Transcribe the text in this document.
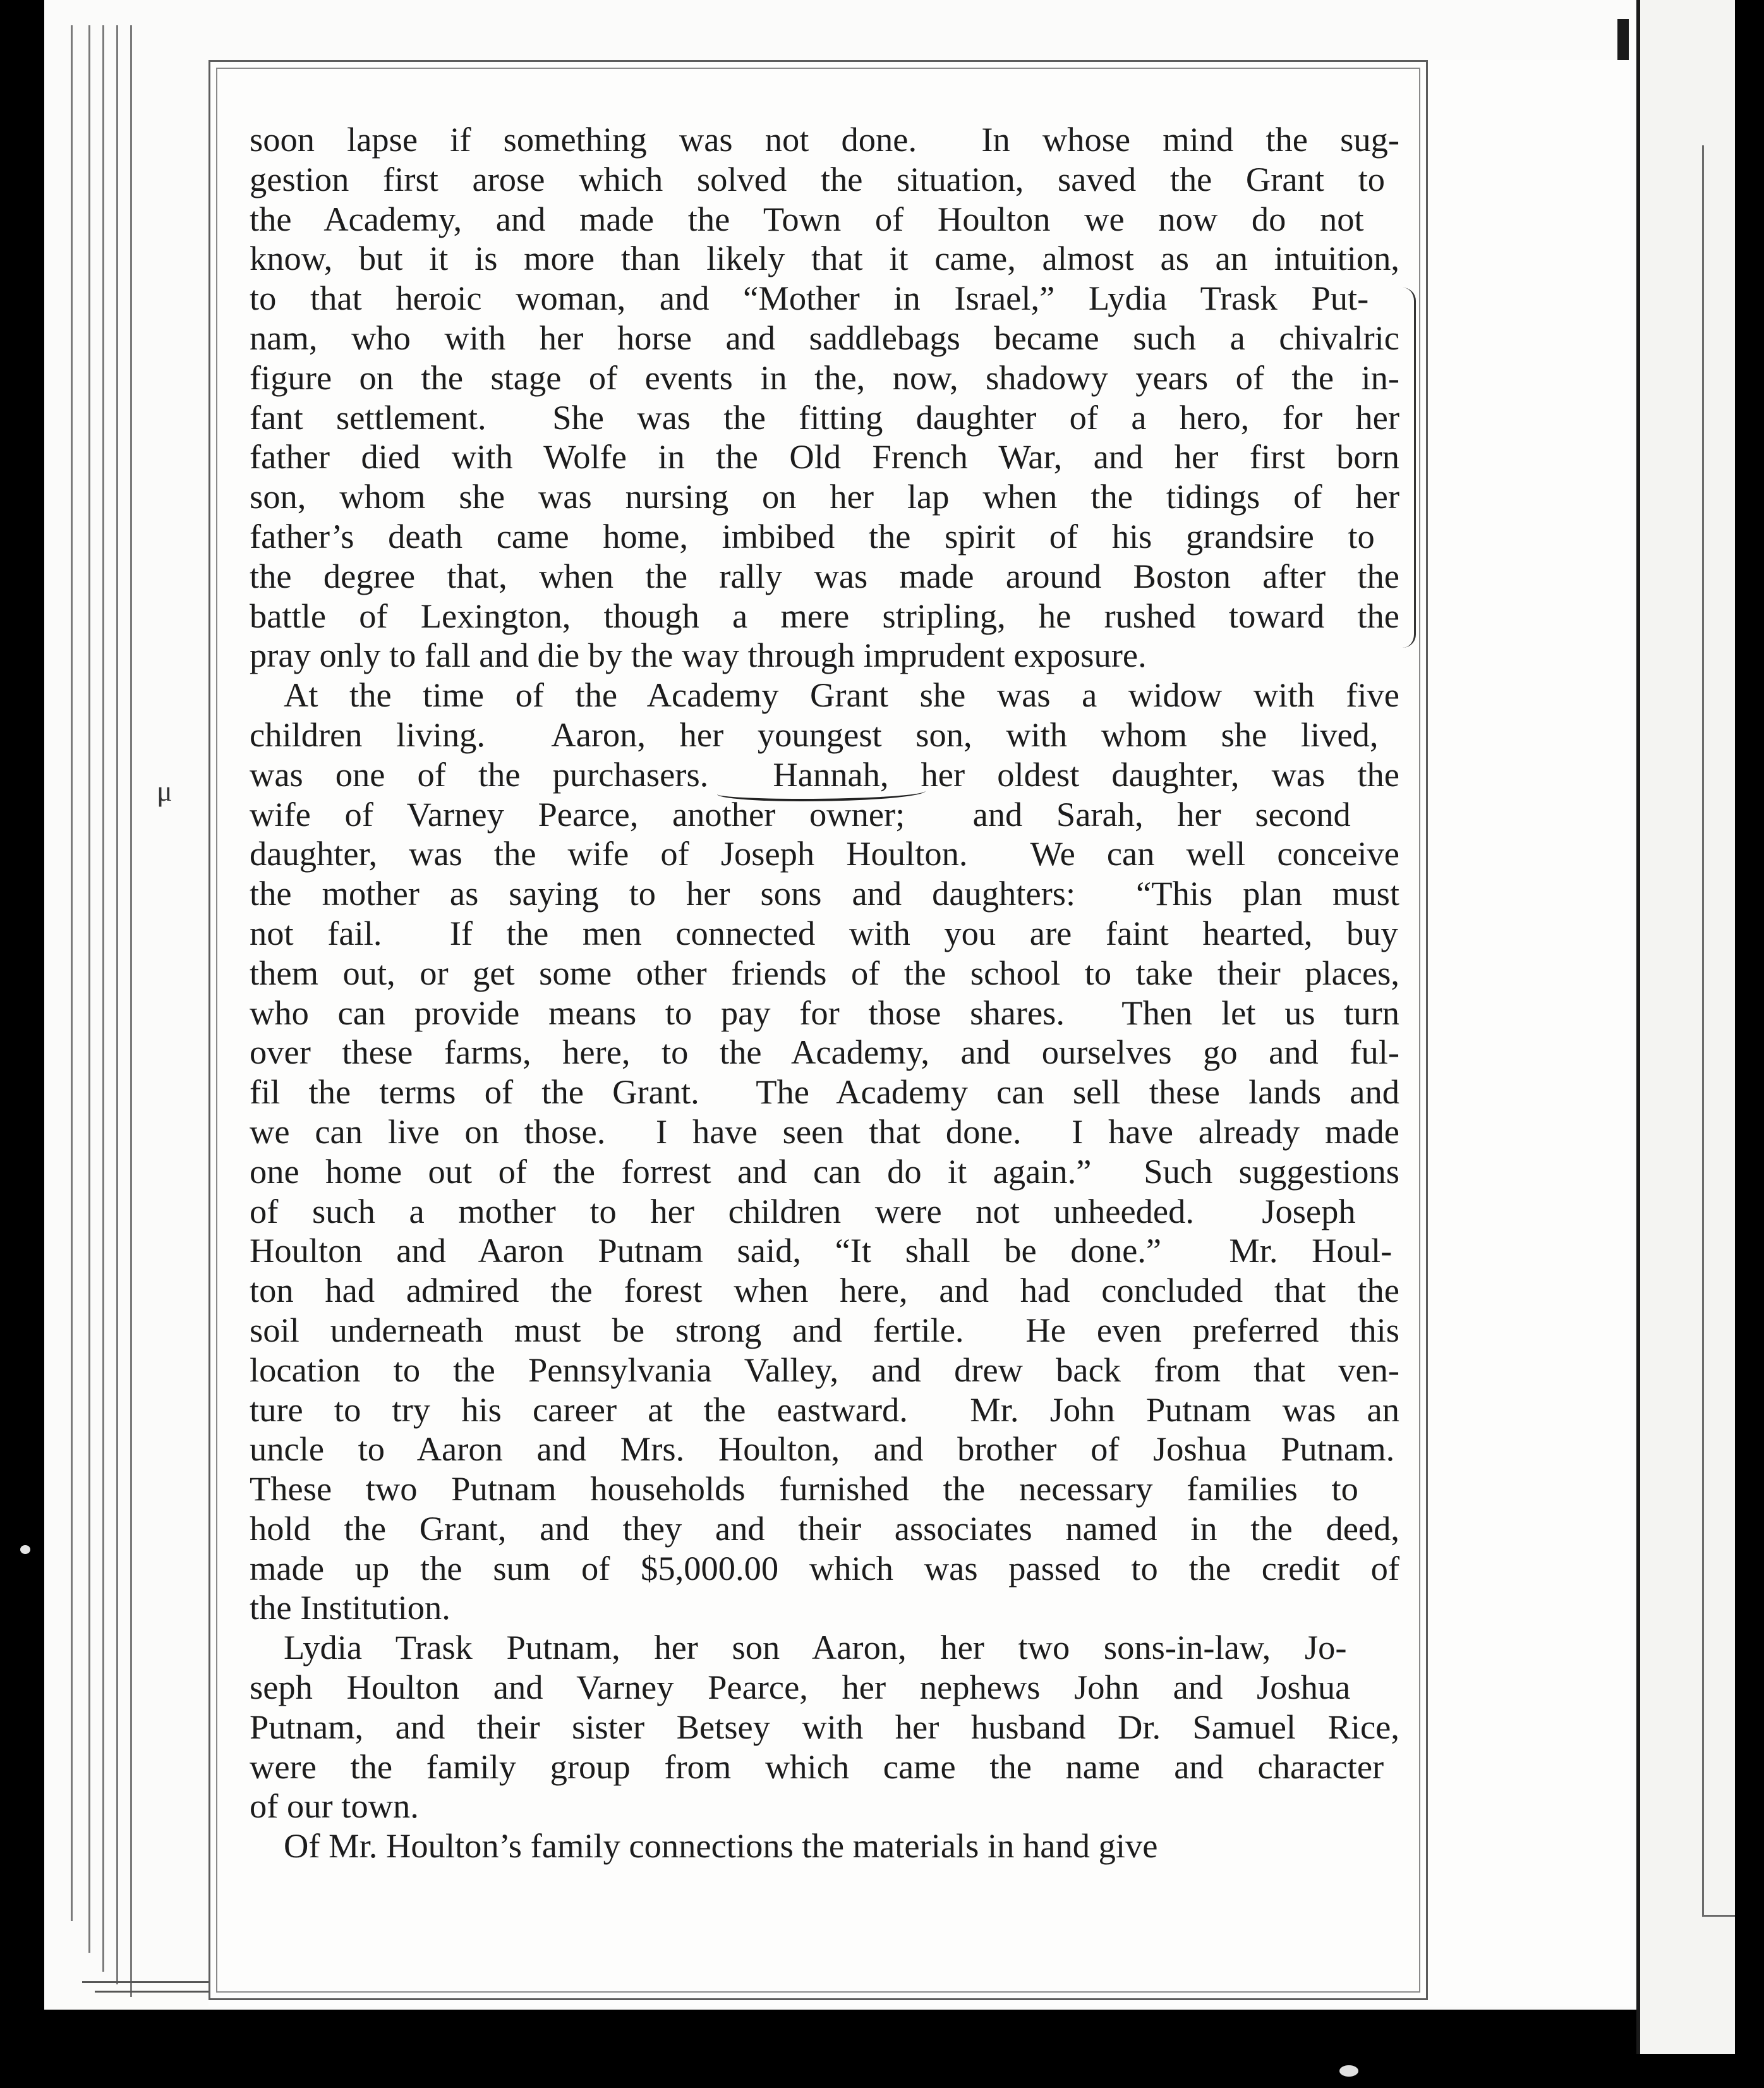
μ
soon lapse if something was not done.  In whose mind the sug-
gestion first arose which solved the situation, saved the Grant to
the Academy, and made the Town of Houlton we now do not
know, but it is more than likely that it came, almost as an intuition,
to that heroic woman, and “Mother in Israel,” Lydia Trask Put-
nam, who with her horse and saddlebags became such a chivalric
figure on the stage of events in the, now, shadowy years of the in-
fant settlement.  She was the fitting daughter of a hero, for her
father died with Wolfe in the Old French War, and her first born
son, whom she was nursing on her lap when the tidings of her
father’s death came home, imbibed the spirit of his grandsire to
the degree that, when the rally was made around Boston after the
battle of Lexington, though a mere stripling, he rushed toward the
pray only to fall and die by the way through imprudent exposure.
At the time of the Academy Grant she was a widow with five
children living.  Aaron, her youngest son, with whom she lived,
was one of the purchasers.  Hannah, her oldest daughter, was the
wife of Varney Pearce, another owner;  and Sarah, her second
daughter, was the wife of Joseph Houlton.  We can well conceive
the mother as saying to her sons and daughters:  “This plan must
not fail.  If the men connected with you are faint hearted, buy
them out, or get some other friends of the school to take their places,
who can provide means to pay for those shares.  Then let us turn
over these farms, here, to the Academy, and ourselves go and ful-
fil the terms of the Grant.  The Academy can sell these lands and
we can live on those.  I have seen that done.  I have already made
one home out of the forrest and can do it again.”  Such suggestions
of such a mother to her children were not unheeded.  Joseph
Houlton and Aaron Putnam said, “It shall be done.”  Mr. Houl-
ton had admired the forest when here, and had concluded that the
soil underneath must be strong and fertile.  He even preferred this
location to the Pennsylvania Valley, and drew back from that ven-
ture to try his career at the eastward.  Mr. John Putnam was an
uncle to Aaron and Mrs. Houlton, and brother of Joshua Putnam.
These two Putnam households furnished the necessary families to
hold the Grant, and they and their associates named in the deed,
made up the sum of $5,000.00 which was passed to the credit of
the Institution.
Lydia Trask Putnam, her son Aaron, her two sons-in-law, Jo-
seph Houlton and Varney Pearce, her nephews John and Joshua
Putnam, and their sister Betsey with her husband Dr. Samuel Rice,
were the family group from which came the name and character
of our town.
Of Mr. Houlton’s family connections the materials in hand give
